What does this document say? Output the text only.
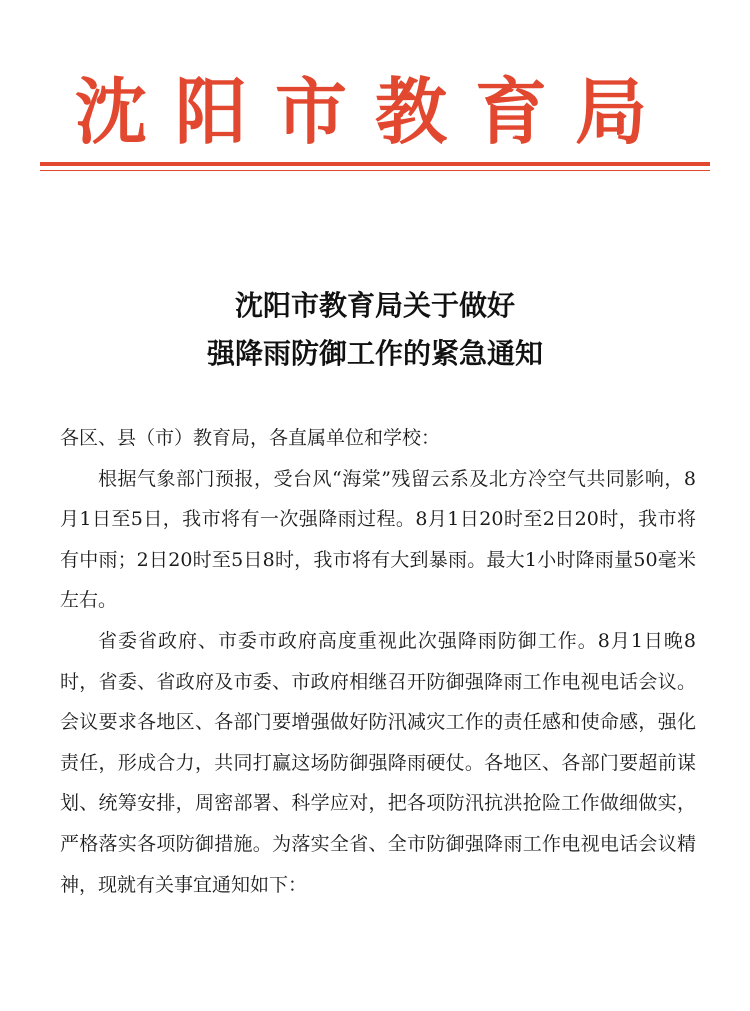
沈阳市教育局
沈阳市教育局关于做好
强降雨防御工作的紧急通知

各区、县（市）教育局，各直属单位和学校：

根据气象部门预报，受台风“海棠”残留云系及北方冷空气共同影响，8月1日至5日，我市将有一次强降雨过程。8月1日20时至2日20时，我市将有中雨；2日20时至5日8时，我市将有大到暴雨。最大1小时降雨量50毫米左右。

省委省政府、市委市政府高度重视此次强降雨防御工作。8月1日晚8时，省委、省政府及市委、市政府相继召开防御强降雨工作电视电话会议。会议要求各地区、各部门要增强做好防汛减灾工作的责任感和使命感，强化责任，形成合力，共同打赢这场防御强降雨硬仗。各地区、各部门要超前谋划、统筹安排，周密部署、科学应对，把各项防汛抗洪抢险工作做细做实，严格落实各项防御措施。为落实全省、全市防御强降雨工作电视电话会议精神，现就有关事宜通知如下：
